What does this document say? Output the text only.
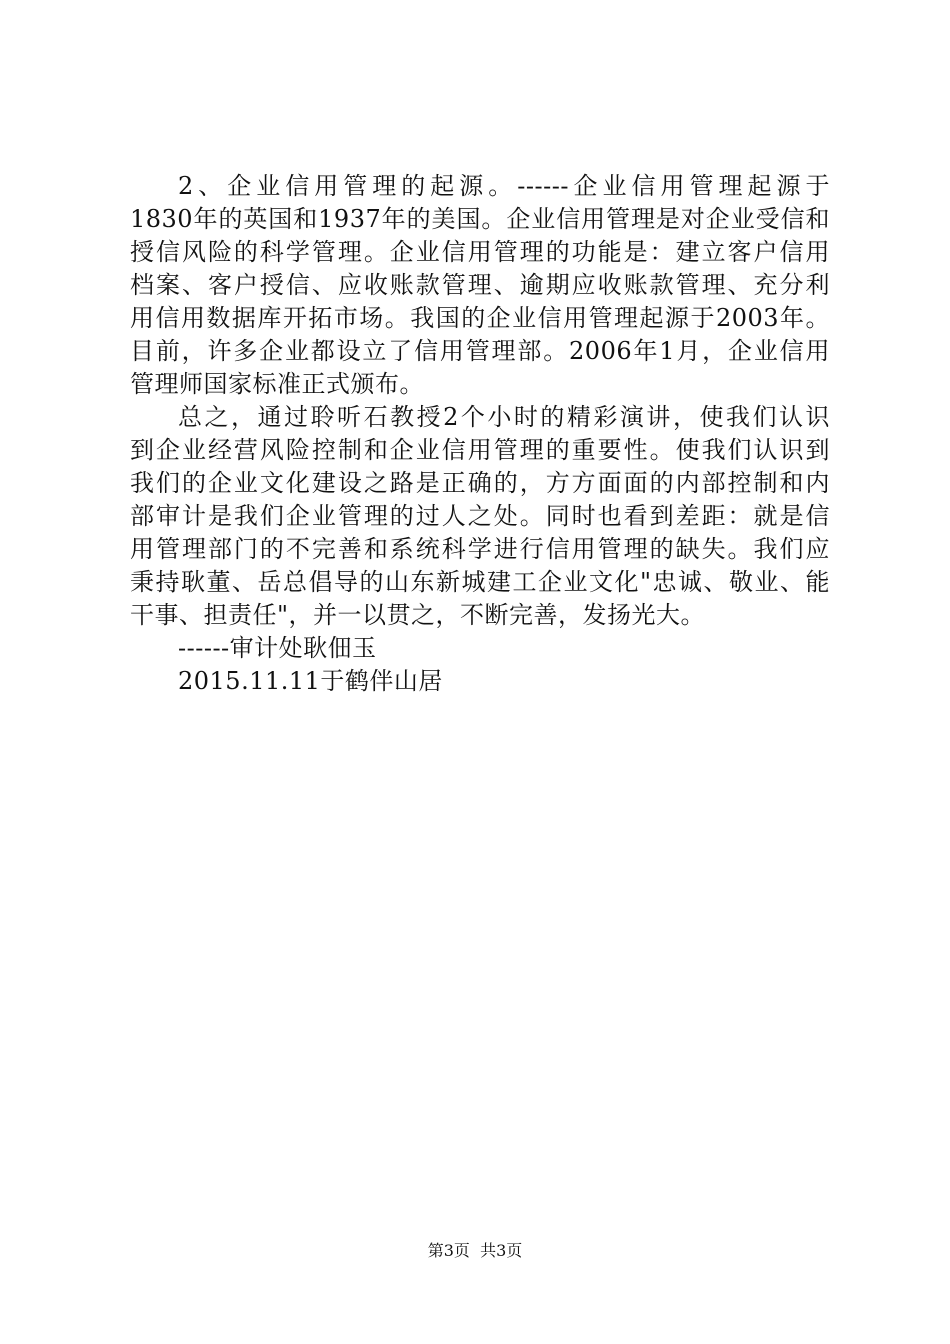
2、企业信用管理的起源。------企业信用管理起源于
1830年的英国和1937年的美国。企业信用管理是对企业受信和
授信风险的科学管理。企业信用管理的功能是：建立客户信用
档案、客户授信、应收账款管理、逾期应收账款管理、充分利
用信用数据库开拓市场。我国的企业信用管理起源于2003年。
目前，许多企业都设立了信用管理部。2006年1月，企业信用
管理师国家标准正式颁布。
总之，通过聆听石教授2个小时的精彩演讲，使我们认识
到企业经营风险控制和企业信用管理的重要性。使我们认识到
我们的企业文化建设之路是正确的，方方面面的内部控制和内
部审计是我们企业管理的过人之处。同时也看到差距：就是信
用管理部门的不完善和系统科学进行信用管理的缺失。我们应
秉持耿董、岳总倡导的山东新城建工企业文化"忠诚、敬业、能
干事、担责任"，并一以贯之，不断完善，发扬光大。
------审计处耿佃玉
2015.11.11于鹤伴山居
第3页  共3页
